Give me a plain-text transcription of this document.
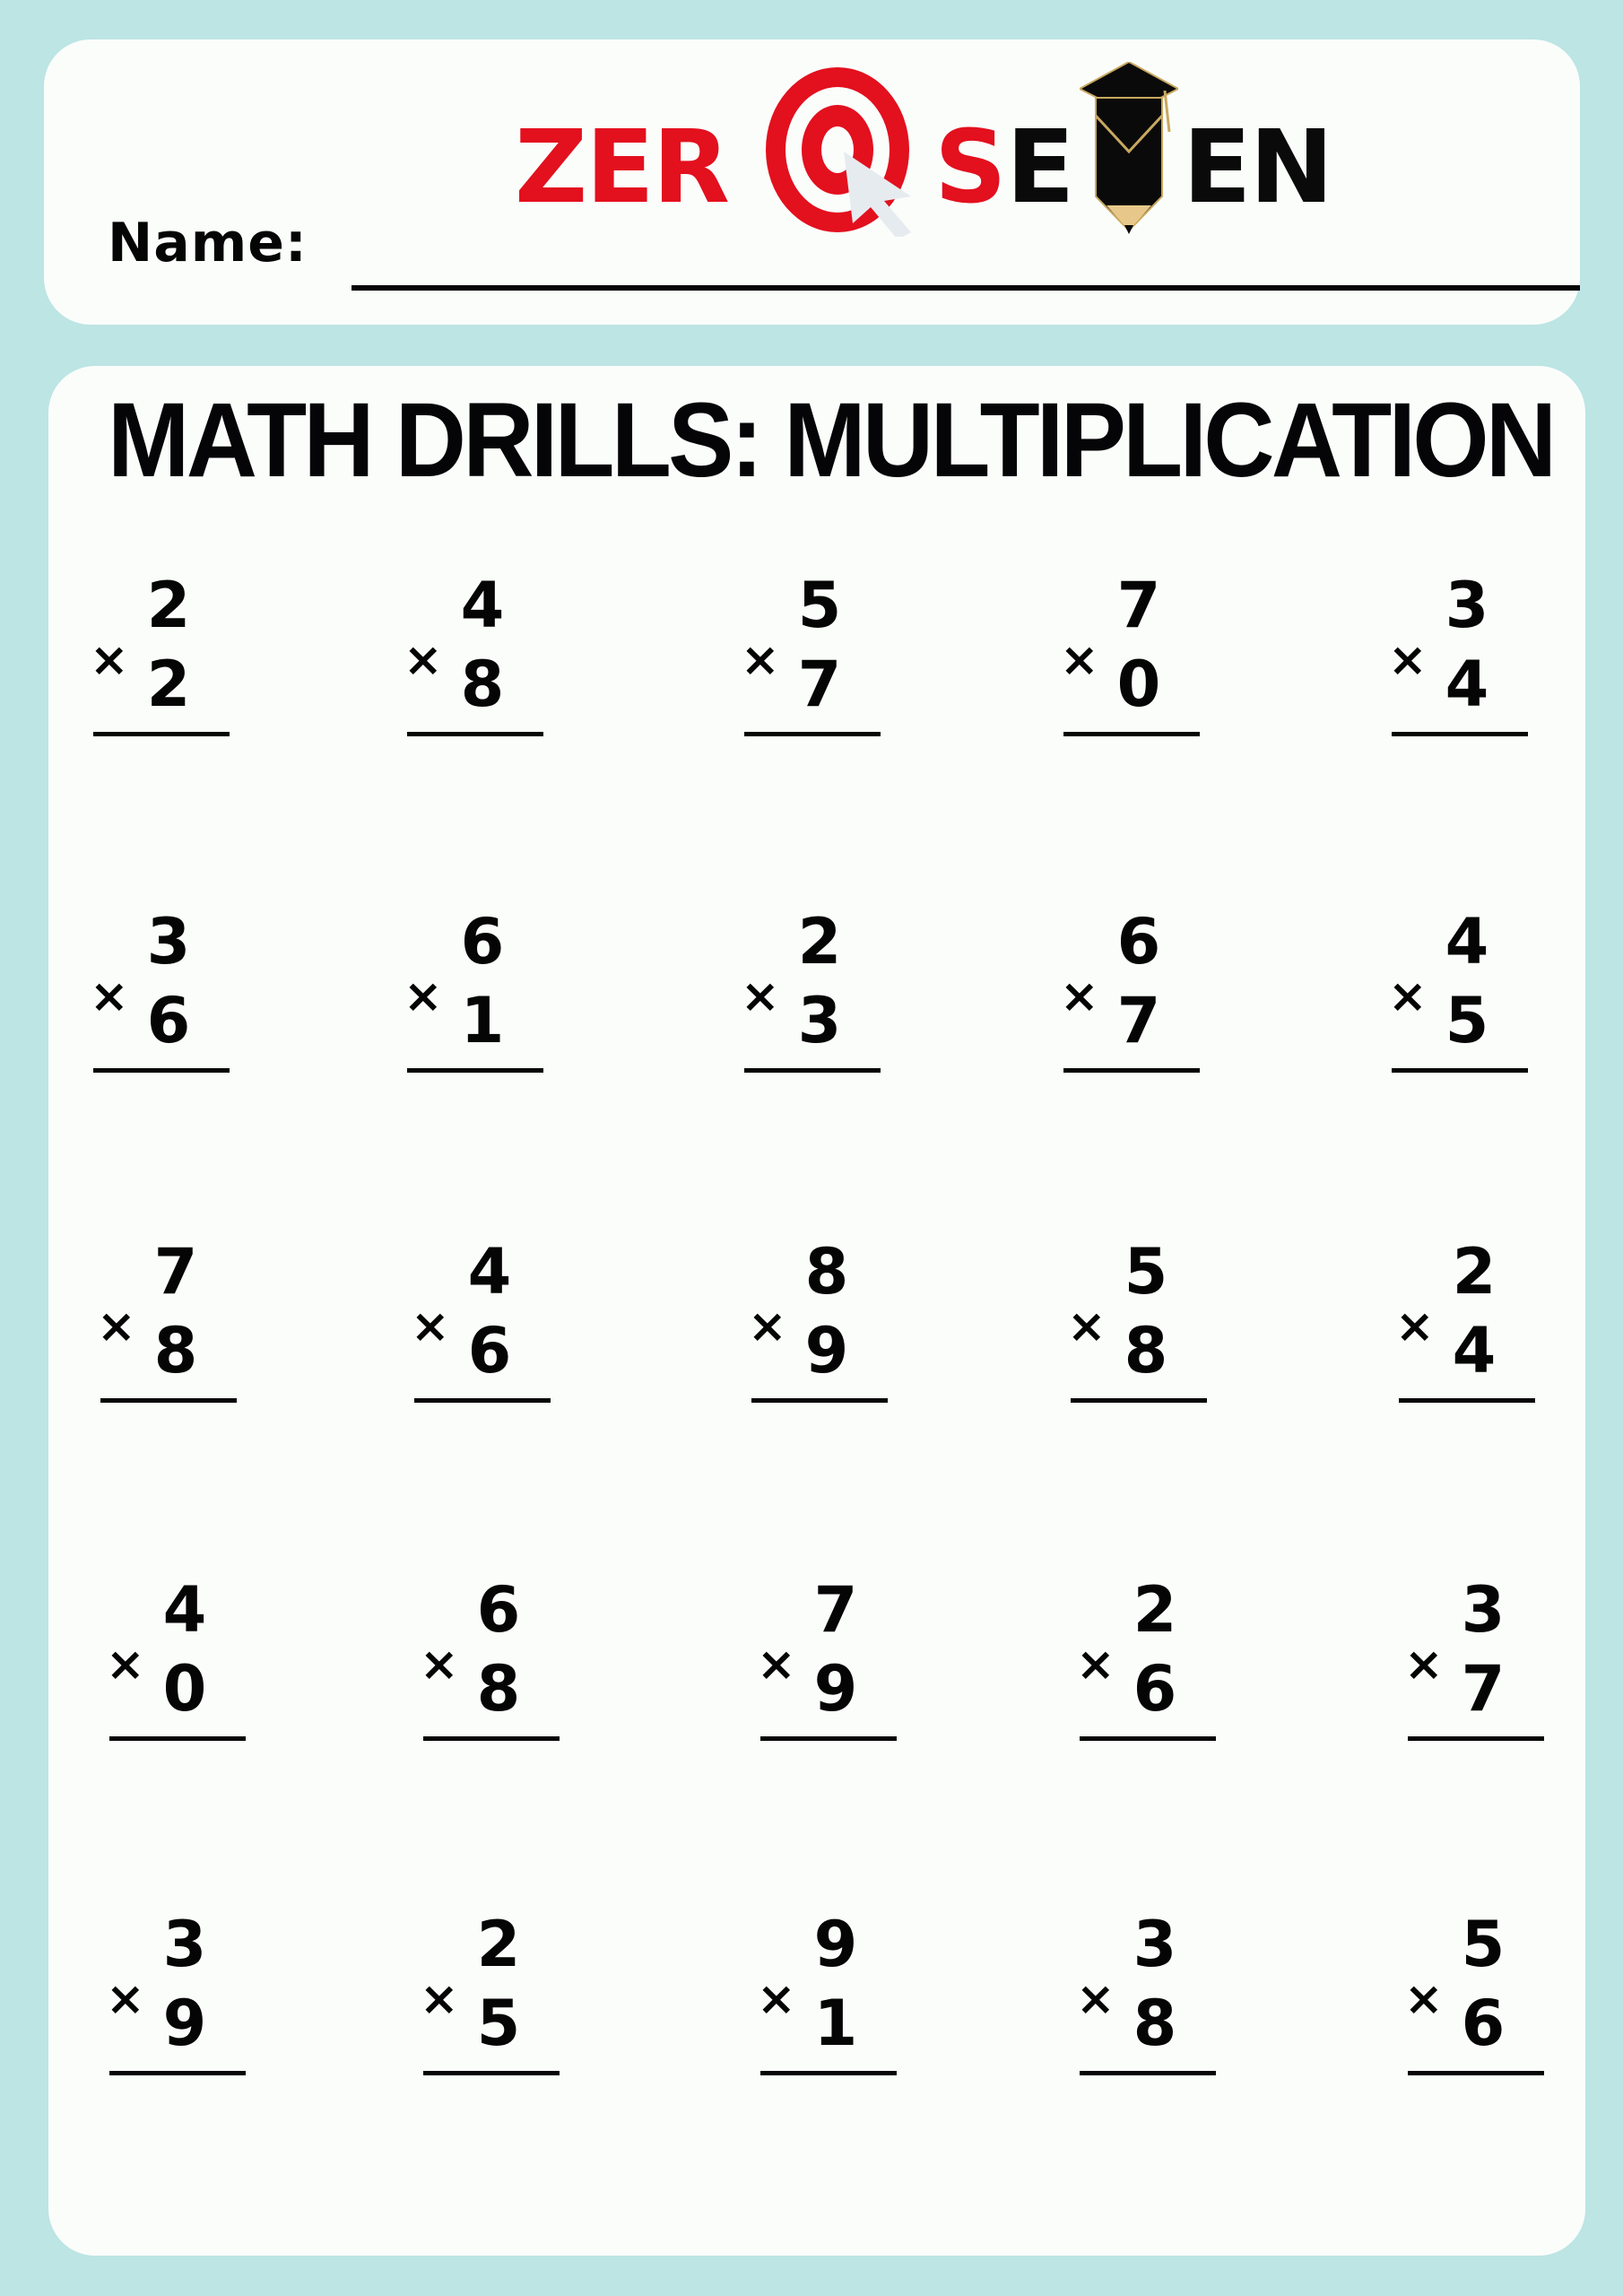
ZER S E EN
Name:
MATH DRILLS: MULTIPLICATION
2
× 2
4
× 8
5
× 7
7
× 0
3
× 4
3
× 6
6
× 1
2
× 3
6
× 7
4
× 5
7
× 8
4
× 6
8
× 9
5
× 8
2
× 4
4
× 0
6
× 8
7
× 9
2
× 6
3
× 7
3
× 9
2
× 5
9
× 1
3
× 8
5
× 6
